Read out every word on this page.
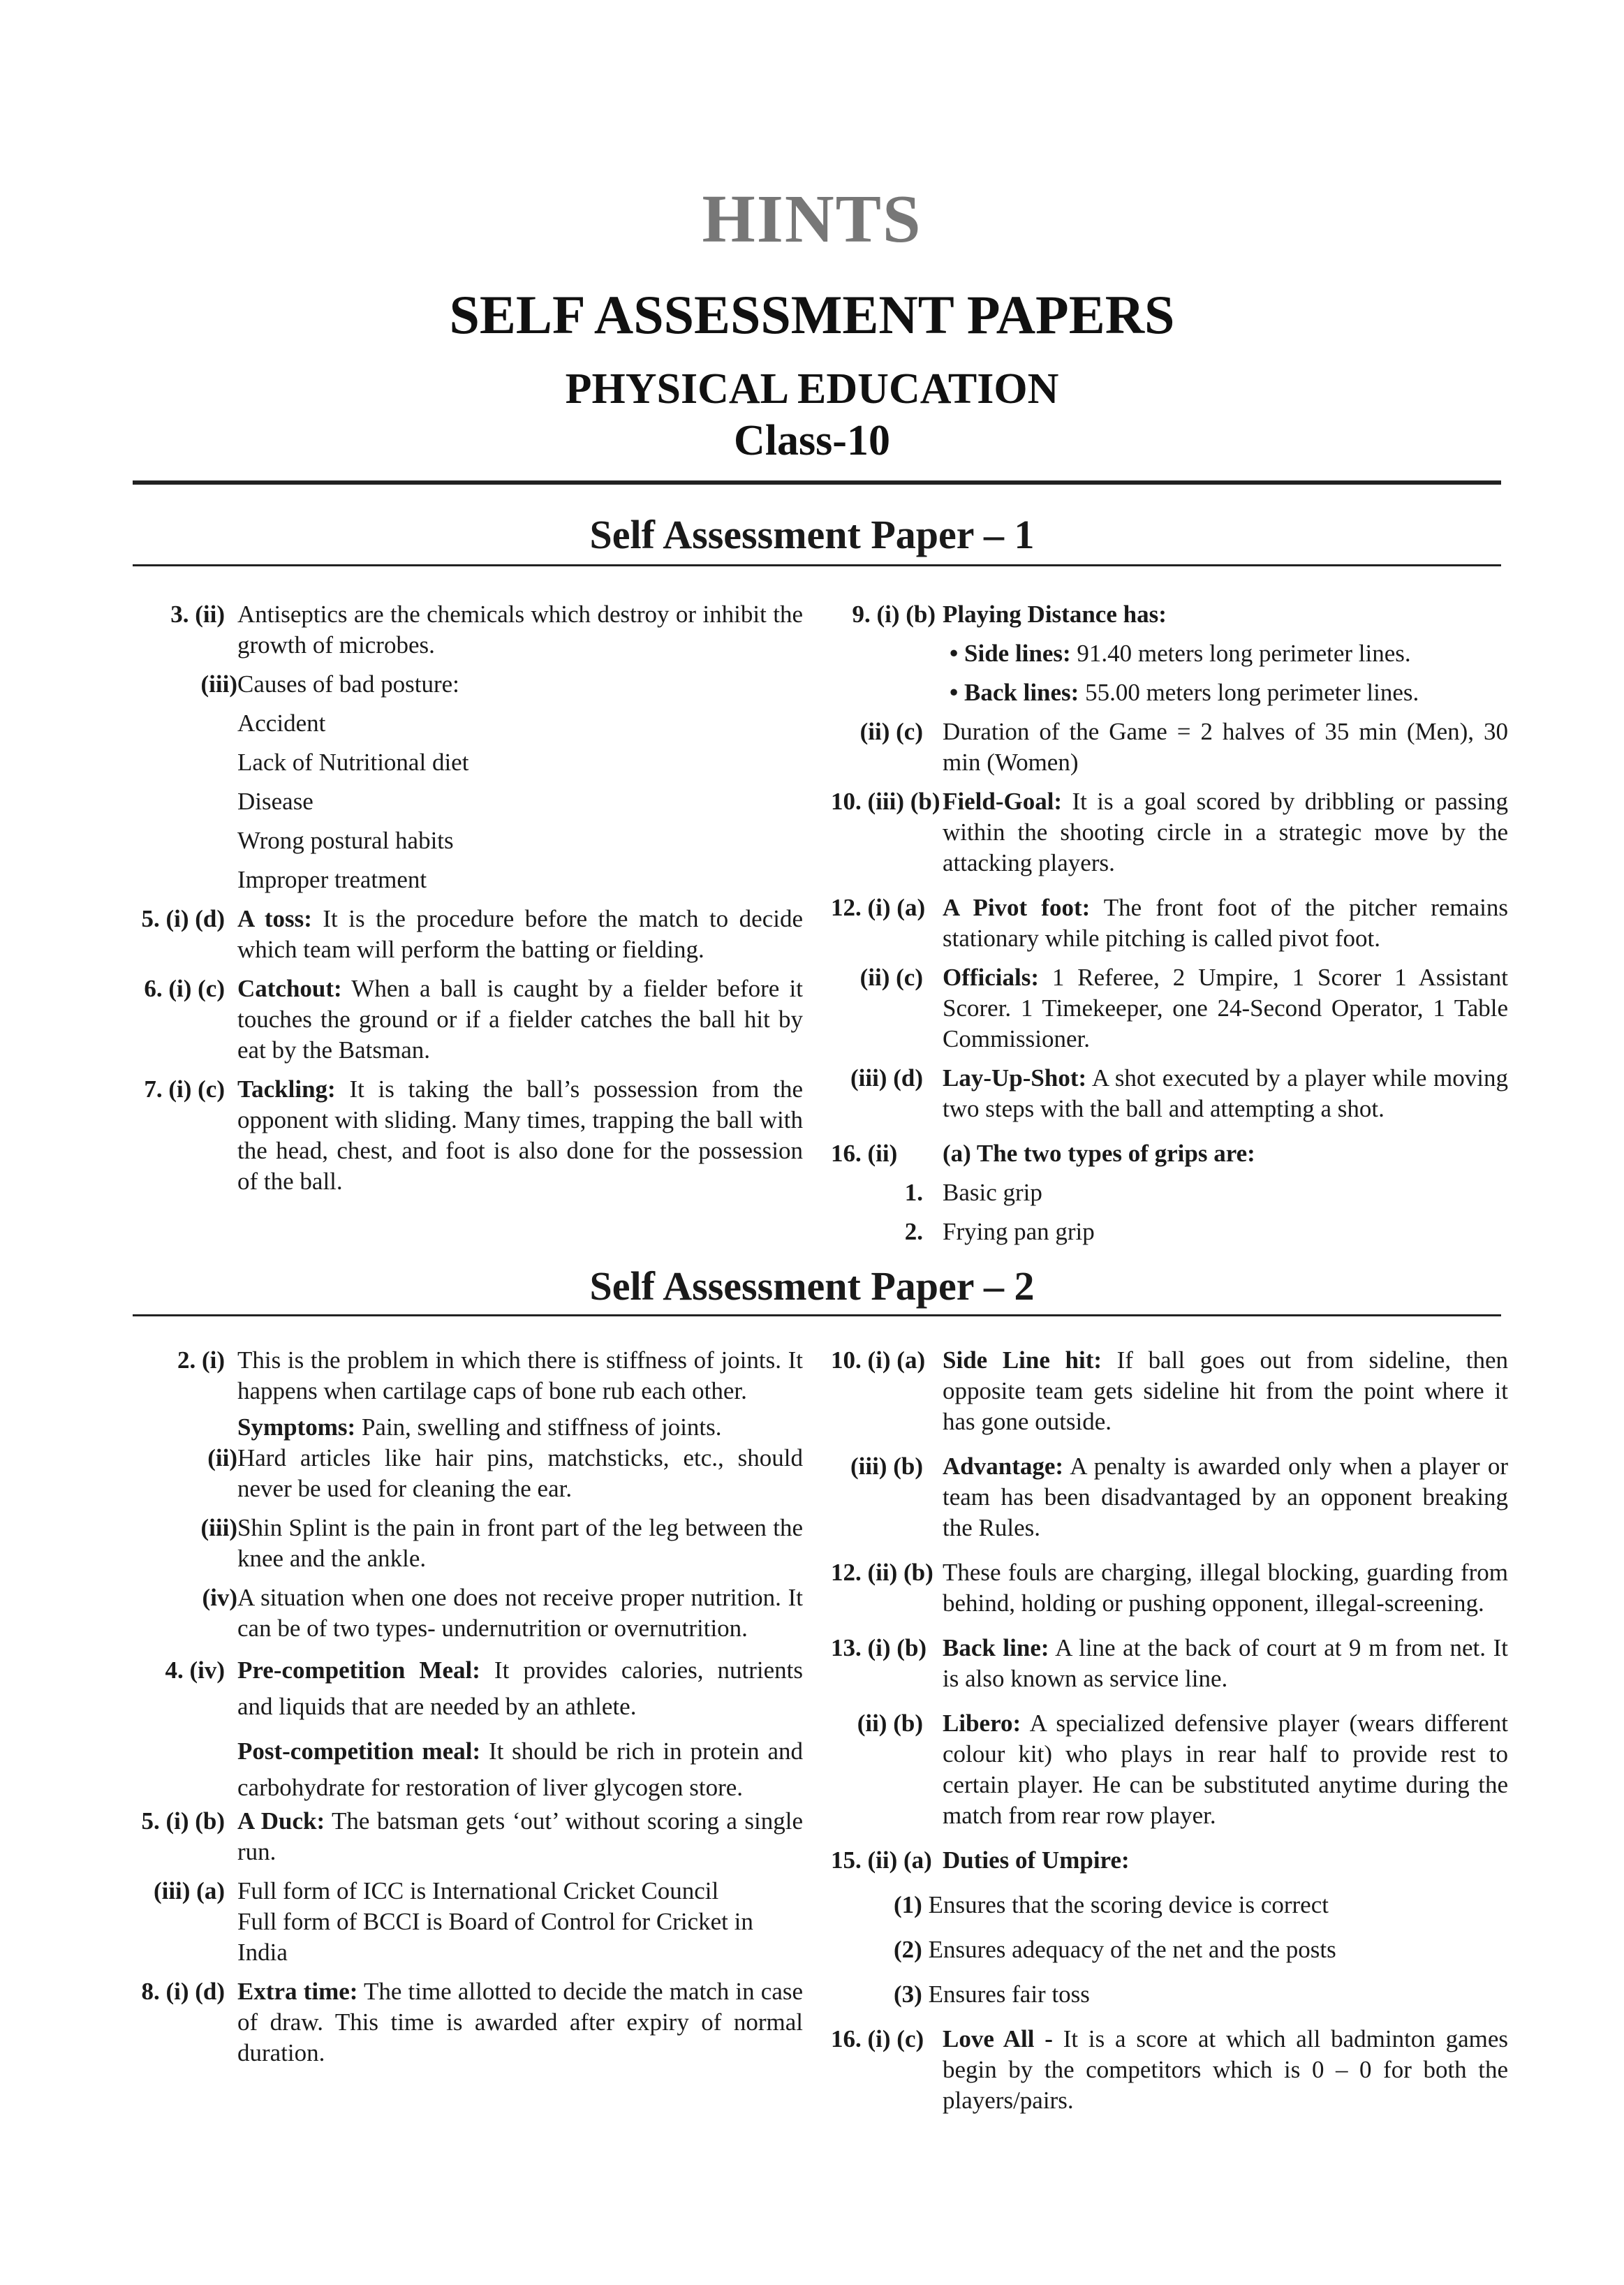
HINTS
SELF ASSESSMENT PAPERS
PHYSICAL EDUCATION
Class-10
Self Assessment Paper – 1
3. (ii) Antiseptics are the chemicals which destroy or inhibit the growth of microbes.
(iii) Causes of bad posture:
Accident
Lack of Nutritional diet
Disease
Wrong postural habits
Improper treatment
5. (i) (d) A toss: It is the procedure before the match to decide which team will perform the batting or fielding.
6. (i) (c) Catchout: When a ball is caught by a fielder before it touches the ground or if a fielder catches the ball hit by eat by the Batsman.
7. (i) (c) Tackling: It is taking the ball’s possession from the opponent with sliding. Many times, trapping the ball with the head, chest, and foot is also done for the possession of the ball.
9. (i) (b) Playing Distance has:
• Side lines: 91.40 meters long perimeter lines.
• Back lines: 55.00 meters long perimeter lines.
(ii) (c) Duration of the Game = 2 halves of 35 min (Men), 30 min (Women)
10. (iii) (b) Field-Goal: It is a goal scored by dribbling or passing within the shooting circle in a strategic move by the attacking players.
12. (i) (a) A Pivot foot: The front foot of the pitcher remains stationary while pitching is called pivot foot.
(ii) (c) Officials: 1 Referee, 2 Umpire, 1 Scorer 1 Assistant Scorer. 1 Timekeeper, one 24-Second Operator, 1 Table Commissioner.
(iii) (d) Lay-Up-Shot: A shot executed by a player while moving two steps with the ball and attempting a shot.
16. (ii)	(a) The two types of grips are:
1. Basic grip
2. Frying pan grip
Self Assessment Paper – 2
2. (i) This is the problem in which there is stiffness of joints. It happens when cartilage caps of bone rub each other.
Symptoms: Pain, swelling and stiffness of joints.
(ii) Hard articles like hair pins, matchsticks, etc., should never be used for cleaning the ear.
(iii) Shin Splint is the pain in front part of the leg between the knee and the ankle.
(iv) A situation when one does not receive proper nutrition. It can be of two types- undernutrition or overnutrition.
4. (iv) Pre-competition Meal: It provides calories, nutrients and liquids that are needed by an athlete.
Post-competition meal: It should be rich in protein and carbohydrate for restoration of liver glycogen store.
5. (i) (b) A Duck: The batsman gets ‘out’ without scoring a single run.
(iii) (a) Full form of ICC is International Cricket Council
Full form of BCCI is Board of Control for Cricket in India
8. (i) (d) Extra time: The time allotted to decide the match in case of draw. This time is awarded after expiry of normal duration.
10. (i) (a) Side Line hit: If ball goes out from sideline, then opposite team gets sideline hit from the point where it has gone outside.
(iii) (b) Advantage: A penalty is awarded only when a player or team has been disadvantaged by an opponent breaking the Rules.
12. (ii) (b) These fouls are charging, illegal blocking, guarding from behind, holding or pushing opponent, illegal-screening.
13. (i) (b) Back line: A line at the back of court at 9 m from net. It is also known as service line.
(ii) (b) Libero: A specialized defensive player (wears different colour kit) who plays in rear half to provide rest to certain player. He can be substituted anytime during the match from rear row player.
15. (ii) (a) Duties of Umpire:
(1) Ensures that the scoring device is correct
(2) Ensures adequacy of the net and the posts
(3) Ensures fair toss
16. (i) (c) Love All - It is a score at which all badminton games begin by the competitors which is 0 – 0 for both the players/pairs.
